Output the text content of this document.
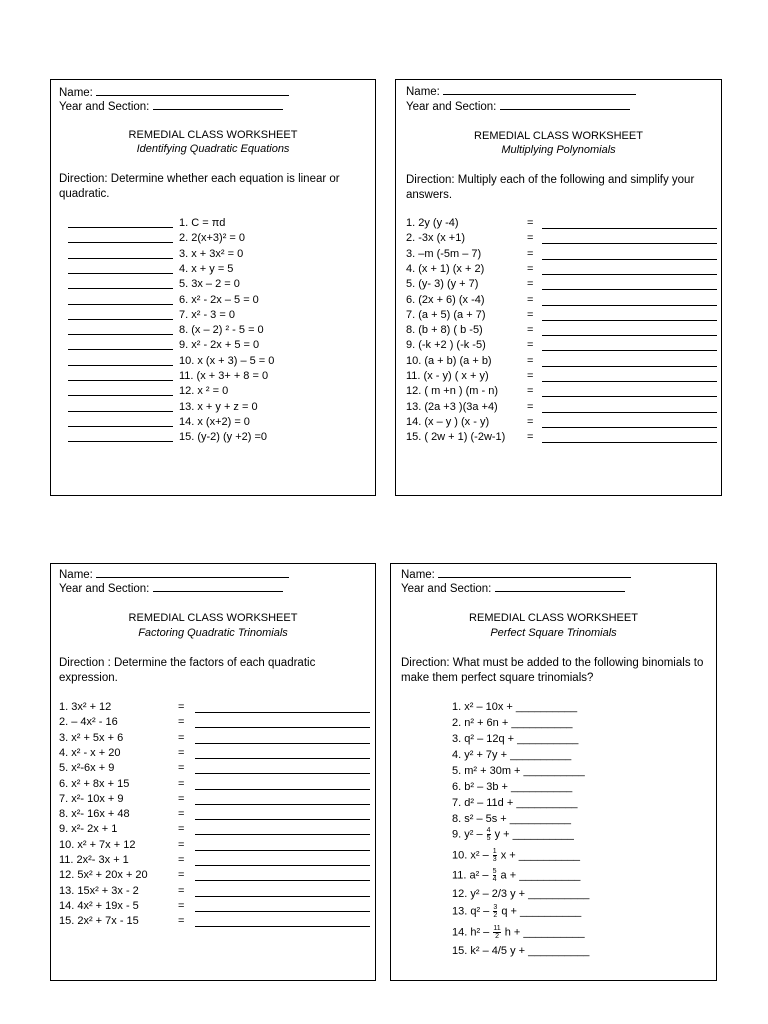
Name:
Year and Section:
REMEDIAL CLASS WORKSHEET
Identifying Quadratic Equations
Direction: Determine whether each equation is linear or quadratic.
1. C = πd
2. 2(x+3)² = 0
3. x + 3x² = 0
4. x + y = 5
5. 3x – 2 = 0
6. x² - 2x – 5 = 0
7. x² - 3 = 0
8. (x – 2) ² - 5 = 0
9. x² - 2x + 5 = 0
10. x (x + 3) – 5 = 0
11. (x + 3+ + 8 = 0
12. x ² = 0
13. x + y + z = 0
14. x (x+2) = 0
15. (y-2) (y +2) =0
Name:
Year and Section:
REMEDIAL CLASS WORKSHEET
Multiplying Polynomials
Direction: Multiply each of the following and simplify your answers.
1. 2y (y -4)	=
2. -3x (x +1)	=
3. –m (-5m – 7)	=
4. (x + 1) (x + 2)	=
5. (y- 3) (y + 7)	=
6. (2x + 6) (x -4)	=
7. (a + 5) (a + 7)	=
8. (b + 8) ( b -5)	=
9. (-k +2 ) (-k -5)	=
10. (a + b) (a + b)	=
11. (x - y) ( x + y)	=
12. ( m +n ) (m - n)	=
13. (2a +3 )(3a +4)	=
14. (x – y ) (x - y)	=
15. ( 2w + 1) (-2w-1) =
Name:
Year and Section:
REMEDIAL CLASS WORKSHEET
Factoring Quadratic Trinomials
Direction : Determine the factors of each quadratic expression.
1. 3x² + 12	=
2. – 4x² - 16	=
3. x² + 5x + 6	=
4. x² - x + 20	=
5. x²-6x + 9	=
6. x² + 8x + 15	=
7. x²- 10x + 9	=
8. x²- 16x + 48	=
9. x²- 2x + 1	=
10. x² + 7x + 12	=
11. 2x²- 3x + 1	=
12. 5x² + 20x + 20	=
13. 15x² + 3x - 2	=
14. 4x² + 19x - 5	=
15. 2x² + 7x - 15	=
Name:
Year and Section:
REMEDIAL CLASS WORKSHEET
Perfect Square Trinomials
Direction: What must be added to the following binomials to make them perfect square trinomials?
1. x² – 10x + __________
2. n² + 6n + __________
3. q² – 12q + __________
4. y² + 7y + __________
5. m² + 30m + __________
6. b² – 3b + __________
7. d² – 11d + __________
8. s² – 5s + __________
9. $y^2 - \frac{4}{5}$ y + __________
10. $x^2 - \frac{1}{3}$ x + __________
11. $a^2 - \frac{5}{4}$ a + __________
12. y² – 2/3 y + __________
13. $q^2 - \frac{3}{2}$ q + __________
14. $h^2 - \frac{11}{2}$ h + __________
15. k² – 4/5 y + __________
